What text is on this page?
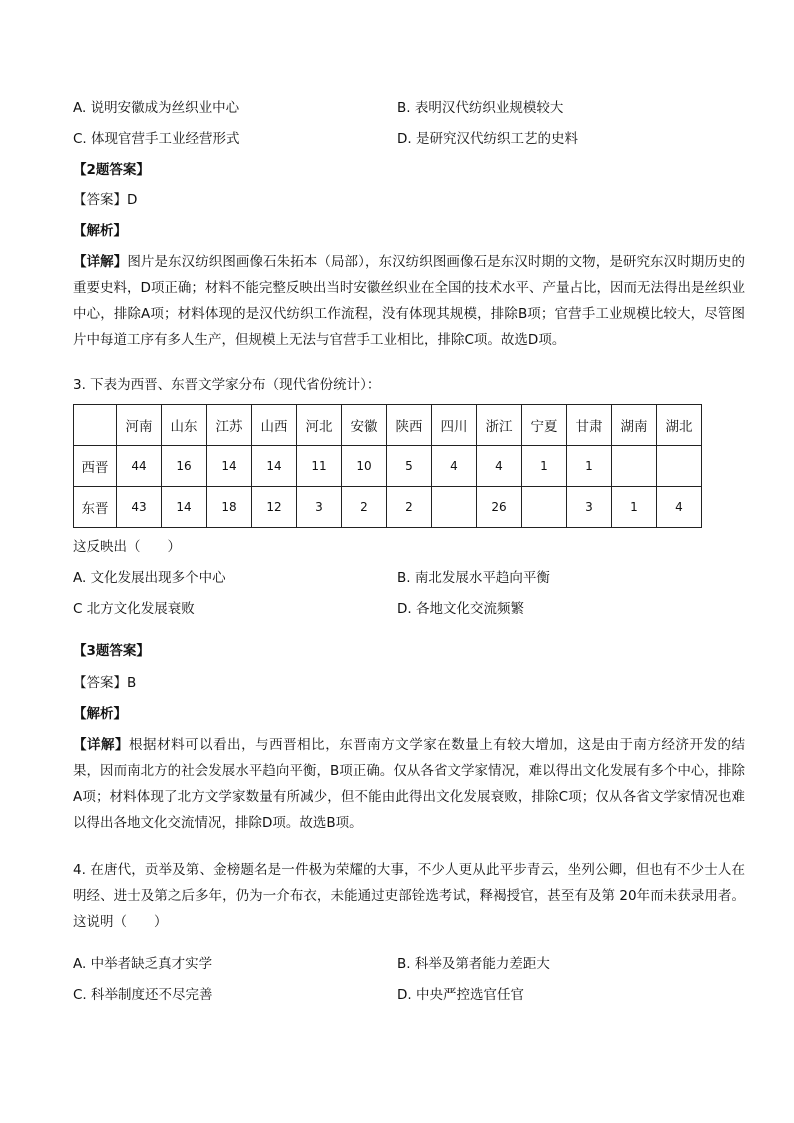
A. 说明安徽成为丝织业中心	B. 表明汉代纺织业规模较大
C. 体现官营手工业经营形式	D. 是研究汉代纺织工艺的史料
【2题答案】
【答案】D
【解析】
【详解】图片是东汉纺织图画像石朱拓本（局部），东汉纺织图画像石是东汉时期的文物，是研究东汉时期历史的重要史料，D项正确；材料不能完整反映出当时安徽丝织业在全国的技术水平、产量占比，因而无法得出是丝织业中心，排除A项；材料体现的是汉代纺织工作流程，没有体现其规模，排除B项；官营手工业规模比较大，尽管图片中每道工序有多人生产，但规模上无法与官营手工业相比，排除C项。故选D项。
3. 下表为西晋、东晋文学家分布（现代省份统计）：
	河南	山东	江苏	山西	河北	安徽	陕西	四川	浙江	宁夏	甘肃	湖南	湖北
西晋	44	16	14	14	11	10	5	4	4	1	1		
东晋	43	14	18	12	3	2	2		26		3	1	4
这反映出（　　）
A. 文化发展出现多个中心	B. 南北发展水平趋向平衡
C 北方文化发展衰败	D. 各地文化交流频繁
【3题答案】
【答案】B
【解析】
【详解】根据材料可以看出，与西晋相比，东晋南方文学家在数量上有较大增加，这是由于南方经济开发的结果，因而南北方的社会发展水平趋向平衡，B项正确。仅从各省文学家情况，难以得出文化发展有多个中心，排除A项；材料体现了北方文学家数量有所减少，但不能由此得出文化发展衰败，排除C项；仅从各省文学家情况也难以得出各地文化交流情况，排除D项。故选B项。
4. 在唐代，贡举及第、金榜题名是一件极为荣耀的大事，不少人更从此平步青云，坐列公卿，但也有不少士人在明经、进士及第之后多年，仍为一介布衣，未能通过吏部铨选考试，释褐授官，甚至有及第 20年而未获录用者。这说明（　　）
A. 中举者缺乏真才实学	B. 科举及第者能力差距大
C. 科举制度还不尽完善	D. 中央严控选官任官
